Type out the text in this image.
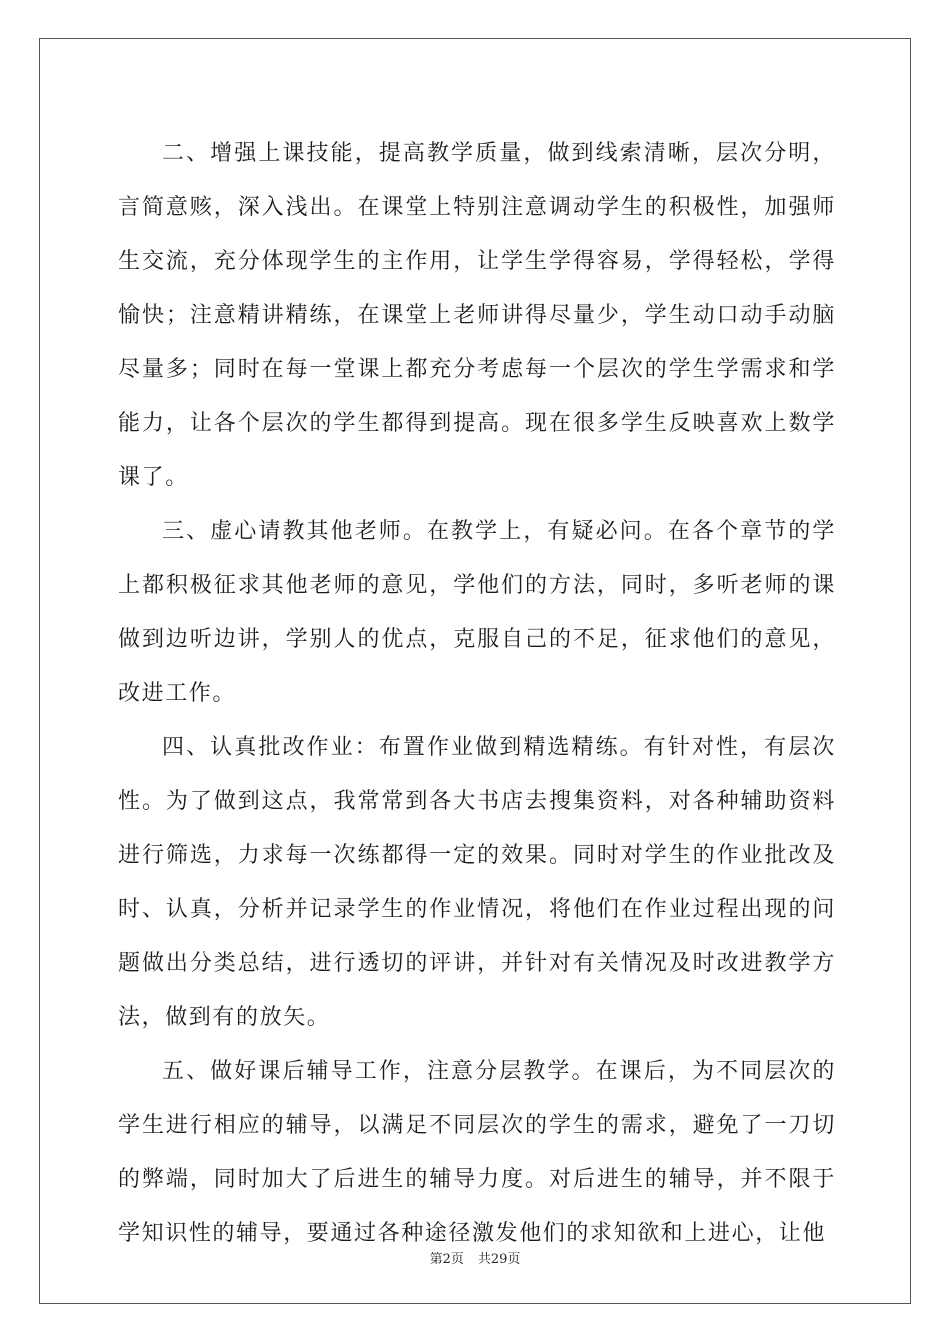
二、增强上课技能，提高教学质量，做到线索清晰，层次分明，言简意赅，深入浅出。在课堂上特别注意调动学生的积极性，加强师生交流，充分体现学生的主作用，让学生学得容易，学得轻松，学得愉快；注意精讲精练，在课堂上老师讲得尽量少，学生动口动手动脑尽量多；同时在每一堂课上都充分考虑每一个层次的学生学需求和学能力，让各个层次的学生都得到提高。现在很多学生反映喜欢上数学课了。

三、虚心请教其他老师。在教学上，有疑必问。在各个章节的学上都积极征求其他老师的意见，学他们的方法，同时，多听老师的课做到边听边讲，学别人的优点，克服自己的不足，征求他们的意见，改进工作。

四、认真批改作业：布置作业做到精选精练。有针对性，有层次性。为了做到这点，我常常到各大书店去搜集资料，对各种辅助资料进行筛选，力求每一次练都得一定的效果。同时对学生的作业批改及时、认真，分析并记录学生的作业情况，将他们在作业过程出现的问题做出分类总结，进行透切的评讲，并针对有关情况及时改进教学方法，做到有的放矢。

五、做好课后辅导工作，注意分层教学。在课后，为不同层次的学生进行相应的辅导，以满足不同层次的学生的需求，避免了一刀切的弊端，同时加大了后进生的辅导力度。对后进生的辅导，并不限于学知识性的辅导，要通过各种途径激发他们的求知欲和上进心，让他

第2页 共29页
